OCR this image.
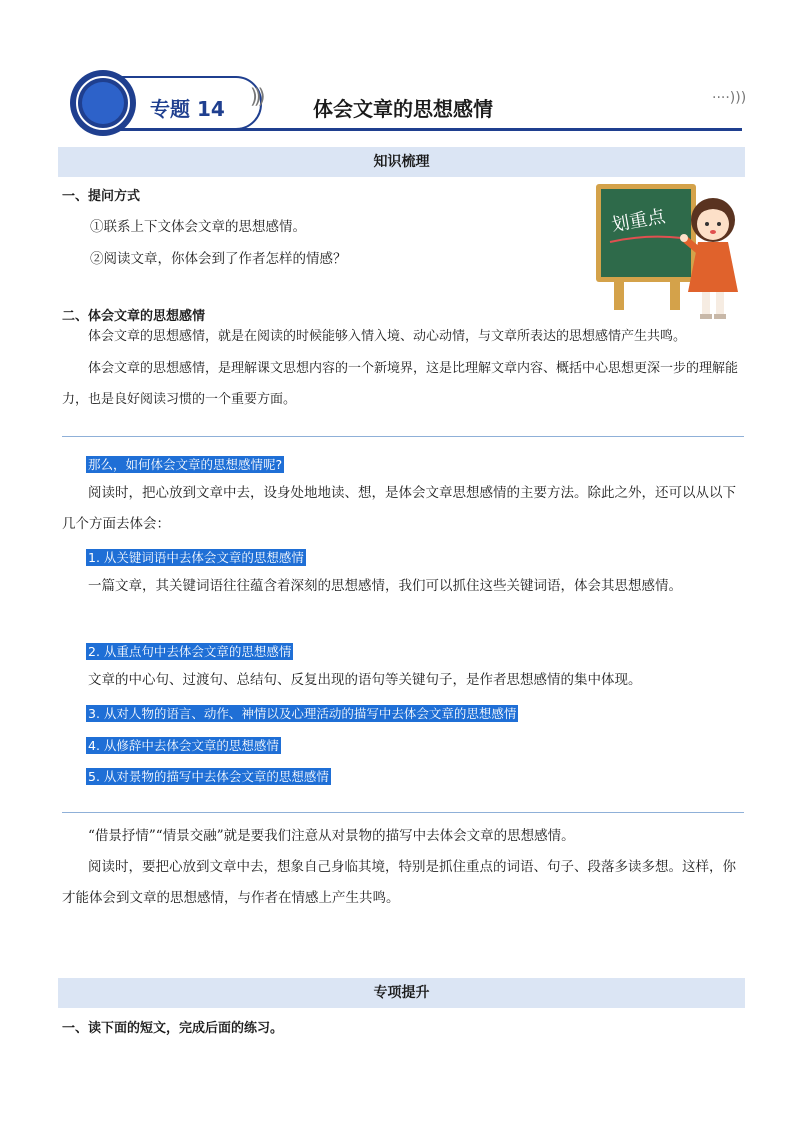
专题 14
)))
体会文章的思想感情	····)))
知识梳理
一、提问方式
①联系上下文体会文章的思想感情。
②阅读文章，你体会到了作者怎样的情感？
划重点
二、体会文章的思想感情

体会文章的思想感情，就是在阅读的时候能够入情入境、动心动情，与文章所表达的思想感情产生共鸣。

体会文章的思想感情，是理解课文思想内容的一个新境界，这是比理解文章内容、概括中心思想更深一步的理解能力，也是良好阅读习惯的一个重要方面。

那么，如何体会文章的思想感情呢?

阅读时，把心放到文章中去，设身处地地读、想，是体会文章思想感情的主要方法。除此之外，还可以从以下几个方面去体会：

1. 从关键词语中去体会文章的思想感情

一篇文章，其关键词语往往蕴含着深刻的思想感情，我们可以抓住这些关键词语，体会其思想感情。

2. 从重点句中去体会文章的思想感情

文章的中心句、过渡句、总结句、反复出现的语句等关键句子，是作者思想感情的集中体现。

3. 从对人物的语言、动作、神情以及心理活动的描写中去体会文章的思想感情
4. 从修辞中去体会文章的思想感情
5. 从对景物的描写中去体会文章的思想感情

“借景抒情”“情景交融”就是要我们注意从对景物的描写中去体会文章的思想感情。

阅读时，要把心放到文章中去，想象自己身临其境，特别是抓住重点的词语、句子、段落多读多想。这样，你才能体会到文章的思想感情，与作者在情感上产生共鸣。

专项提升
一、读下面的短文，完成后面的练习。
